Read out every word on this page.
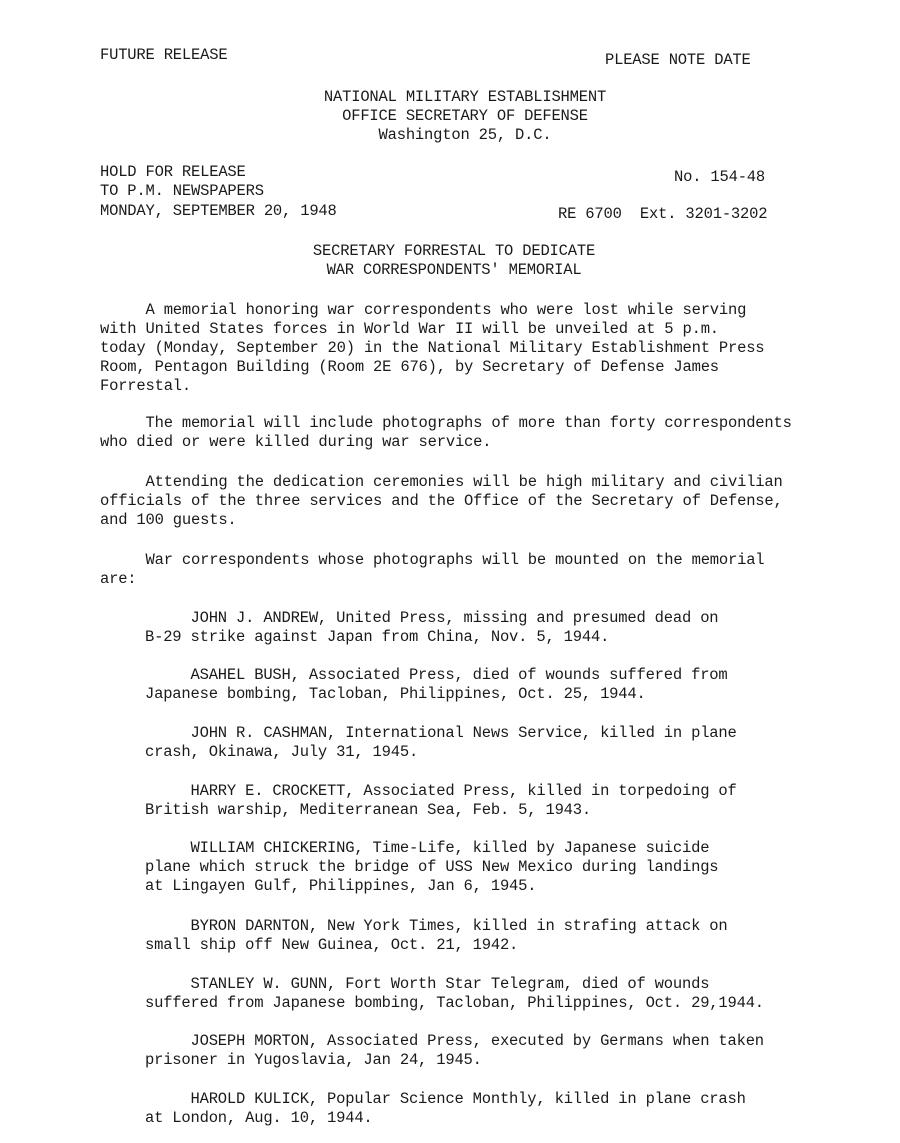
FUTURE RELEASE	PLEASE NOTE DATE
NATIONAL MILITARY ESTABLISHMENT
OFFICE SECRETARY OF DEFENSE
Washington 25, D.C.
HOLD FOR RELEASE
TO P.M. NEWSPAPERS
MONDAY, SEPTEMBER 20, 1948
No. 154-48
RE 6700  Ext. 3201-3202
SECRETARY FORRESTAL TO DEDICATE
WAR CORRESPONDENTS' MEMORIAL

A memorial honoring war correspondents who were lost while serving
with United States forces in World War II will be unveiled at 5 p.m.
today (Monday, September 20) in the National Military Establishment Press
Room, Pentagon Building (Room 2E 676), by Secretary of Defense James
Forrestal.

The memorial will include photographs of more than forty correspondents
who died or were killed during war service.

Attending the dedication ceremonies will be high military and civilian
officials of the three services and the Office of the Secretary of Defense,
and 100 guests.

War correspondents whose photographs will be mounted on the memorial
are:

JOHN J. ANDREW, United Press, missing and presumed dead on
B-29 strike against Japan from China, Nov. 5, 1944.

ASAHEL BUSH, Associated Press, died of wounds suffered from
Japanese bombing, Tacloban, Philippines, Oct. 25, 1944.

JOHN R. CASHMAN, International News Service, killed in plane
crash, Okinawa, July 31, 1945.

HARRY E. CROCKETT, Associated Press, killed in torpedoing of
British warship, Mediterranean Sea, Feb. 5, 1943.

WILLIAM CHICKERING, Time-Life, killed by Japanese suicide
plane which struck the bridge of USS New Mexico during landings
at Lingayen Gulf, Philippines, Jan 6, 1945.

BYRON DARNTON, New York Times, killed in strafing attack on
small ship off New Guinea, Oct. 21, 1942.

STANLEY W. GUNN, Fort Worth Star Telegram, died of wounds
suffered from Japanese bombing, Tacloban, Philippines, Oct. 29,1944.

JOSEPH MORTON, Associated Press, executed by Germans when taken
prisoner in Yugoslavia, Jan 24, 1945.

HAROLD KULICK, Popular Science Monthly, killed in plane crash
at London, Aug. 10, 1944.
